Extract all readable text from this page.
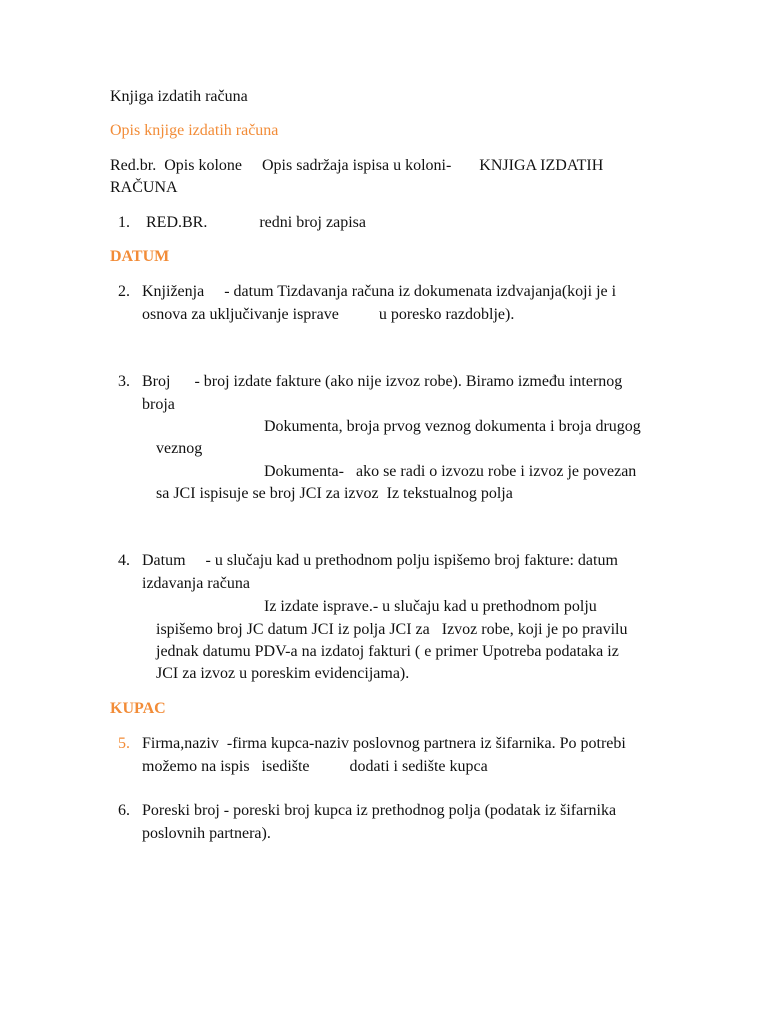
Knjiga izdatih računa
Opis knjige izdatih računa
Red.br.  Opis kolone     Opis sadržaja ispisa u koloni-       KNJIGA IZDATIH
RAČUNA
1. RED.BR.             redni broj zapisa
DATUM
2. Knjiženja     - datum Tizdavanja računa iz dokumenata izdvajanja(koji je i
osnova za uključivanje isprave          u poresko razdoblje).
3. Broj      - broj izdate fakture (ako nije izvoz robe). Biramo između internog
broja
Dokumenta, broja prvog veznog dokumenta i broja drugog
veznog
Dokumenta-   ako se radi o izvozu robe i izvoz je povezan
sa JCI ispisuje se broj JCI za izvoz  Iz tekstualnog polja
4. Datum     - u slučaju kad u prethodnom polju ispišemo broj fakture: datum
izdavanja računa
Iz izdate isprave.- u slučaju kad u prethodnom polju
ispišemo broj JC datum JCI iz polja JCI za   Izvoz robe, koji je po pravilu
jednak datumu PDV-a na izdatoj fakturi ( e primer Upotreba podataka iz
JCI za izvoz u poreskim evidencijama).
KUPAC
5. Firma,naziv  -firma kupca-naziv poslovnog partnera iz šifarnika. Po potrebi
možemo na ispis   isedište          dodati i sedište kupca
6. Poreski broj - poreski broj kupca iz prethodnog polja (podatak iz šifarnika
poslovnih partnera).
